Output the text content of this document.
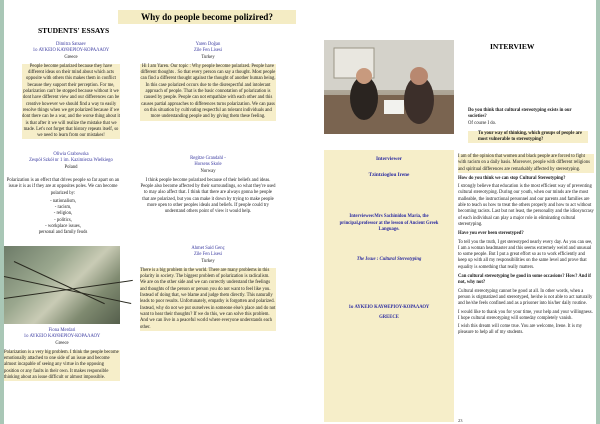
STUDENTS' ESSAYS
Why do people become polizired?
Dimitra Satsaev
1o ΑΥΚΕΙΟ ΚΑΥΘΕΡΙΟΥ-ΚΟΡΑΛΑΟΥ
Greece

People become polarized because they have different ideas on their mind about which acts opposite with others this makes them in conflict because they support their perception. For me, polarization can't be stopped because without it we dont have different view and our differences can be creative however we should find a way to easily resolve things when we get polarized because if we dont there can be a war, and the worse thing about it is that after it we will realize the mistake that we made. Let's not forget that history repeats itself, so we need to learn from our mistakes!

Oliwia Grabowska
Zespół Szkół nr 1 im. Kazimierza Wielkiego
Poland

Polarization is an effect that drives people so far apart on an issue it is as if they are at opposites poles. We can become polarized by:

- nationalism,
- racism,
- religion,
- politics,
- workplace issues,
personal and family feuds
Fiona Merdari
1o ΑΥΚΕΙΟ ΚΑΥΘΕΡΙΟΥ-ΚΟΡΑΛΑΟΥ
Greece

Polarization is a very big problem. I think the people become emotionally attached to one side of an issue and become almost incapable of seeing any virtue in the opposing position or any faults in their own. It makes responsible thinking about an issue difficult or almost impossible.

Yaren Doğan
Zile Fen Lisesi
Turkey

Hi I am Yaren. Our topic : Why people become polarized. People have different thoughts . So that every person can say a thought. Most people can find a different thought against the thought of another human being. In this case polarized occurs due to the disrespectful and intolerant approach of people. That is the basic connotation of polarization is caused by people. People can not empathize with each other and this causes partial approaches to differences turns polarization. We can pass on this situation by cultivating respectful an tolerant individuals and more understanding people and by giving them these feeling.

Regitze Grandahl -
Horsens Skole
Norway

I think people become polarized because of their beliefs and ideas. People also become affected by their surroundings, so what they're used to may also affect that. I think that there are always gonna be people that are polarized, but you can make it down by trying to make people more open to other peoples ideals and beliefs. If people could try understand others point of view it would help.

Ahmet Said Genç
Zile Fen Lisesi
Turkey

There is a big problem in the world. There are many problems in this polarity in society. The biggest problem of polarization is radicalism. We are on the other side and we can correctly understand the feelings and thoughts of the person or person you do not want to feel like you. Instead of doing that, we blame and judge them directly. This naturally leads to poor results. Unfortunately, empathy is forgotten and polarized. Instead, why do not we put ourselves in someone else's place and do not want to hear their thoughts? If we do this, we can solve this problem. And we can live in a peaceful world where everyone understands each other.

INTERVIEW
Interviewer
Tzintzioglou Irene
Interviewee:Mrs Sachinidou Maria, the principal,professor at the lesson of Ancient Greek Language.
The Issue : Cultural Stereotyping
1o ΑΥΚΕΙΟ ΚΑΥΘΕΡΙΟΥ-ΚΟΡΑΛΑΟΥ
GREECE

Do you think that cultural stereotyping exists in our societies?

Of course I do.

To your way of thinking, which groups of people are most vulnerable to stereotyping?

I am of the opinion that women and black people are forced to fight with racism on a daily basis. Moreover, people with different religions and spiritual differences are remarkably affected by stereotyping.

How do you think we can stop Cultural Stereotyping?

I strongly believe that education is the most efficient way of preventing cultural stereotyping. During our youth, when our minds are the most malleable, the instructional personnel and our parents and families are able to teach us how to treat the others properly and how to act without becoming racists. Last but not least, the personality and the idiosyncrasy of each individual can play a major role in eliminating cultural stereotyping.

Have you ever been stereotyped?

To tell you the truth, I get stereotyped nearly every day. As you can see, I am a woman headmaster and this seems extremely weird and unusual to some people. But I put a great effort so as to work efficiently and keep up with all my responsibilities on the same level and prove that equality is something that really matters.

Can cultural stereotyping be good in some occasions? How? And if not, why not?

Cultural stereotyping cannot be good at all. In other words, when a person is stigmatized and stereotyped, he/she is not able to act naturally and he/she feels confined and as a prisoner into his/her daily routine.

I would like to thank you for your time, your help and your willingness. I hope cultural stereotyping will someday completely vanish.

I wish this dream will come true. You are welcome, Irene. It is my pleasure to help all of my students.

23
